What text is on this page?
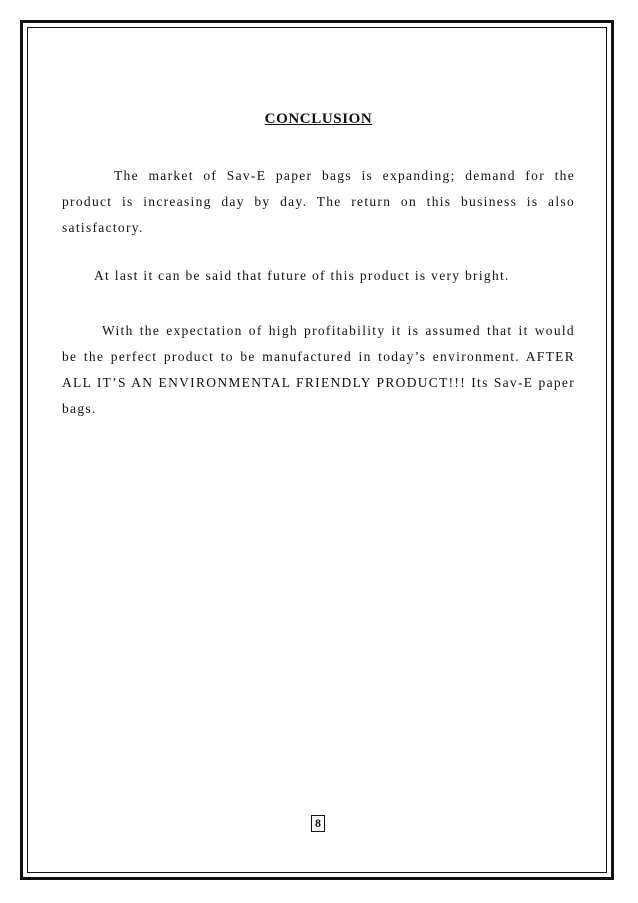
CONCLUSION

The market of Sav-E paper bags is expanding; demand for the product is increasing day by day. The return on this business is also satisfactory.

At last it can be said that future of this product is very bright.

With the expectation of high profitability it is assumed that it would be the perfect product to be manufactured in today’s environment. AFTER ALL IT’S AN ENVIRONMENTAL FRIENDLY PRODUCT!!! Its Sav-E paper bags.

8
